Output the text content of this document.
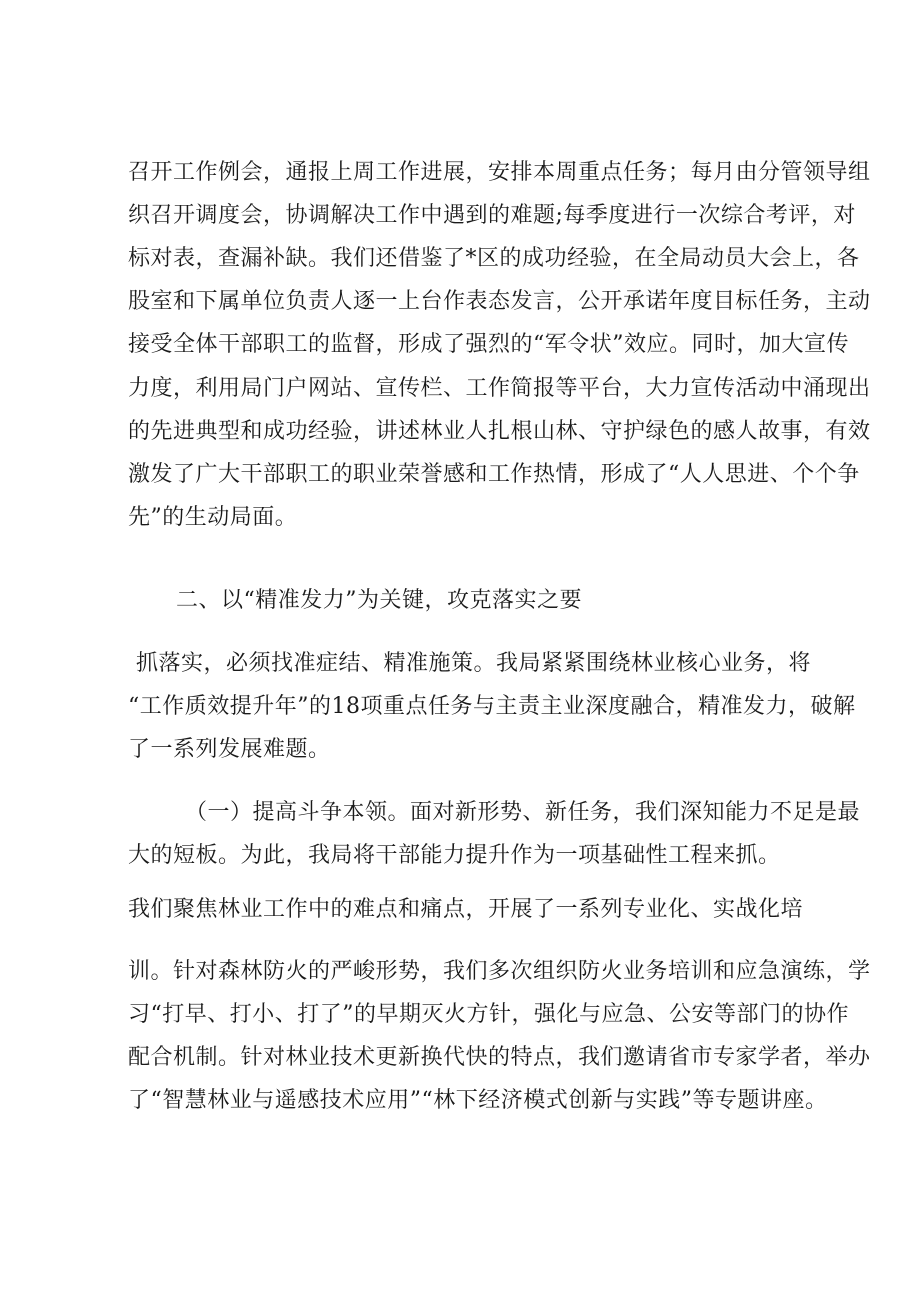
召开工作例会，通报上周工作进展，安排本周重点任务；每月由分管领导组
织召开调度会，协调解决工作中遇到的难题;每季度进行一次综合考评，对
标对表，查漏补缺。我们还借鉴了*区的成功经验，在全局动员大会上，各
股室和下属单位负责人逐一上台作表态发言，公开承诺年度目标任务，主动
接受全体干部职工的监督，形成了强烈的“军令状”效应。同时，加大宣传
力度，利用局门户网站、宣传栏、工作简报等平台，大力宣传活动中涌现出
的先进典型和成功经验，讲述林业人扎根山林、守护绿色的感人故事，有效
激发了广大干部职工的职业荣誉感和工作热情，形成了“人人思进、个个争
先”的生动局面。
二、以“精准发力”为关键，攻克落实之要
抓落实，必须找准症结、精准施策。我局紧紧围绕林业核心业务，将
“工作质效提升年”的18项重点任务与主责主业深度融合，精准发力，破解
了一系列发展难题。
（一）提高斗争本领。面对新形势、新任务，我们深知能力不足是最
大的短板。为此，我局将干部能力提升作为一项基础性工程来抓。
我们聚焦林业工作中的难点和痛点，开展了一系列专业化、实战化培
训。针对森林防火的严峻形势，我们多次组织防火业务培训和应急演练，学
习“打早、打小、打了”的早期灭火方针，强化与应急、公安等部门的协作
配合机制。针对林业技术更新换代快的特点，我们邀请省市专家学者，举办
了“智慧林业与遥感技术应用”“林下经济模式创新与实践”等专题讲座。
